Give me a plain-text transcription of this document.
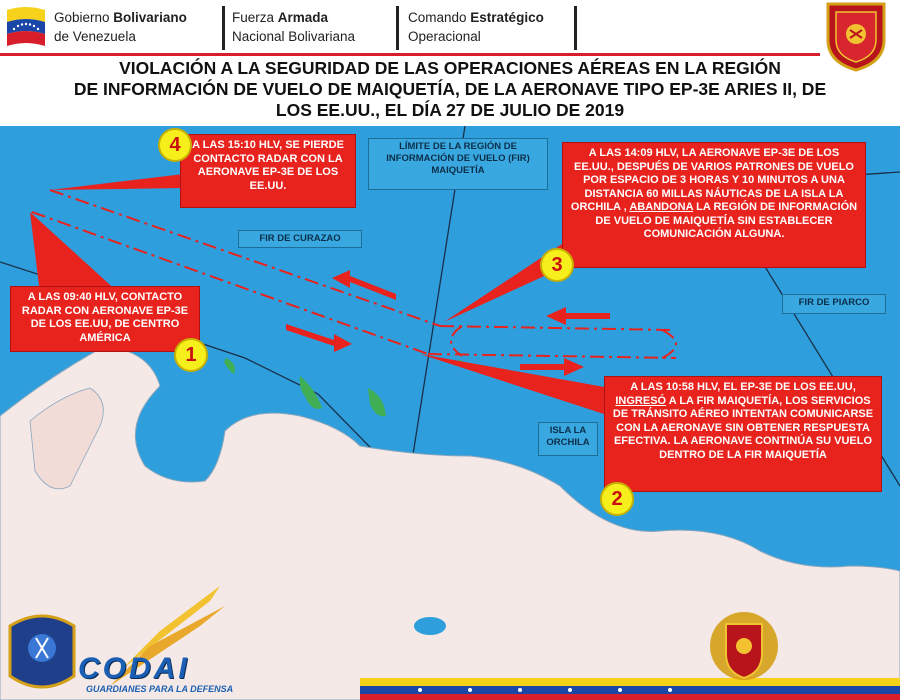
Gobierno Bolivariano
de Venezuela
Fuerza Armada
Nacional Bolivariana
Comando Estratégico
Operacional
VIOLACIÓN A LA SEGURIDAD DE LAS OPERACIONES AÉREAS EN LA REGIÓN
DE INFORMACIÓN DE VUELO DE MAIQUETÍA, DE LA AERONAVE TIPO EP-3E ARIES II, DE
LOS EE.UU., EL DÍA 27 DE JULIO DE 2019
LÍMITE DE LA REGIÓN DE INFORMACIÓN DE VUELO (FIR) MAIQUETÍA
FIR DE CURAZAO
FIR DE PIARCO
ISLA LA ORCHILA
A LAS 09:40 HLV, CONTACTO RADAR CON AERONAVE EP-3E DE LOS EE.UU, DE CENTRO AMÉRICA
A LAS 10:58 HLV, EL EP-3E DE LOS EE.UU, INGRESÓ A LA FIR MAIQUETÍA, LOS SERVICIOS DE TRÁNSITO AÉREO INTENTAN COMUNICARSE CON LA AERONAVE SIN OBTENER RESPUESTA EFECTIVA. LA AERONAVE CONTINÚA SU VUELO DENTRO DE LA FIR MAIQUETÍA
A LAS 14:09 HLV, LA AERONAVE EP-3E DE LOS EE.UU., DESPUÉS DE VARIOS PATRONES DE VUELO POR ESPACIO DE 3 HORAS Y 10 MINUTOS A UNA DISTANCIA 60 MILLAS NÁUTICAS DE LA ISLA LA ORCHILA , ABANDONA LA REGIÓN DE INFORMACIÓN DE VUELO DE MAIQUETÍA SIN ESTABLECER COMUNICACIÓN ALGUNA.
A LAS 15:10 HLV, SE PIERDE CONTACTO RADAR CON LA AERONAVE EP-3E DE LOS EE.UU.
1
2
3
4
CODAI
GUARDIANES PARA LA DEFENSA
